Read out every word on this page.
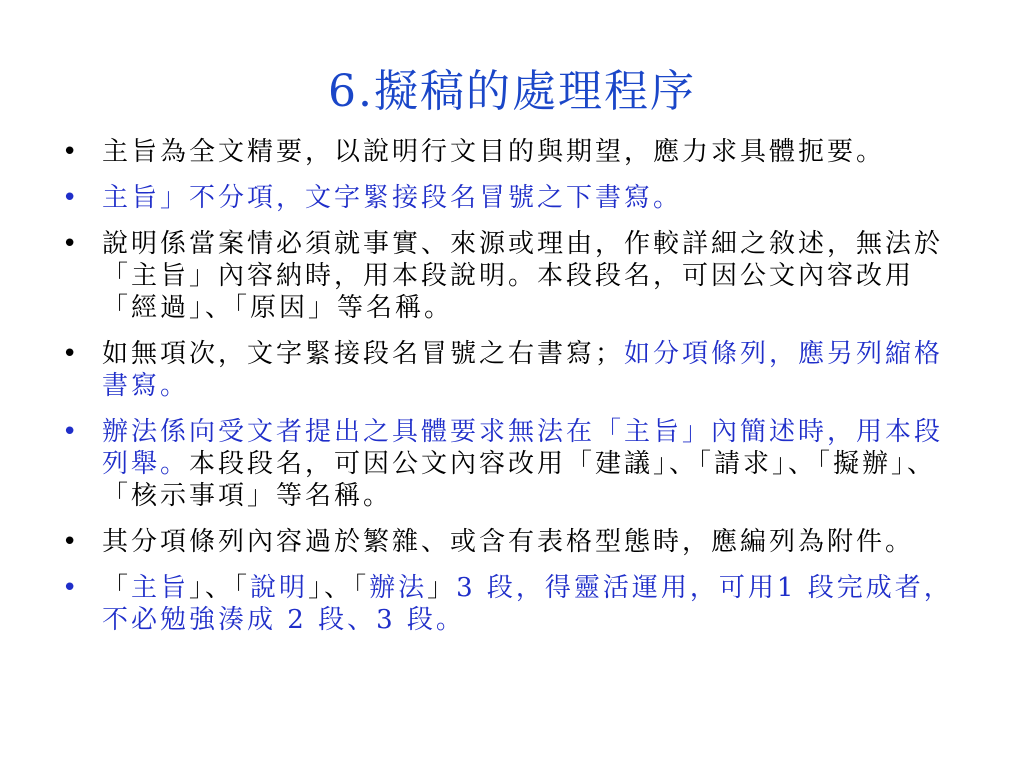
6.擬稿的處理程序
• 主旨為全文精要，以說明行文目的與期望，應力求具體扼要。
• 主旨」不分項，文字緊接段名冒號之下書寫。
• 說明係當案情必須就事實、來源或理由，作較詳細之敘述，無法於「主旨」內容納時，用本段說明。本段段名，可因公文內容改用「經過」、「原因」等名稱。
• 如無項次，文字緊接段名冒號之右書寫；如分項條列，應另列縮格書寫。
• 辦法係向受文者提出之具體要求無法在「主旨」內簡述時，用本段列舉。本段段名，可因公文內容改用「建議」、「請求」、「擬辦」、「核示事項」等名稱。
• 其分項條列內容過於繁雜、或含有表格型態時，應編列為附件。
• 「主旨」、「說明」、「辦法」3 段，得靈活運用，可用1 段完成者，不必勉強湊成 2 段、3 段。
